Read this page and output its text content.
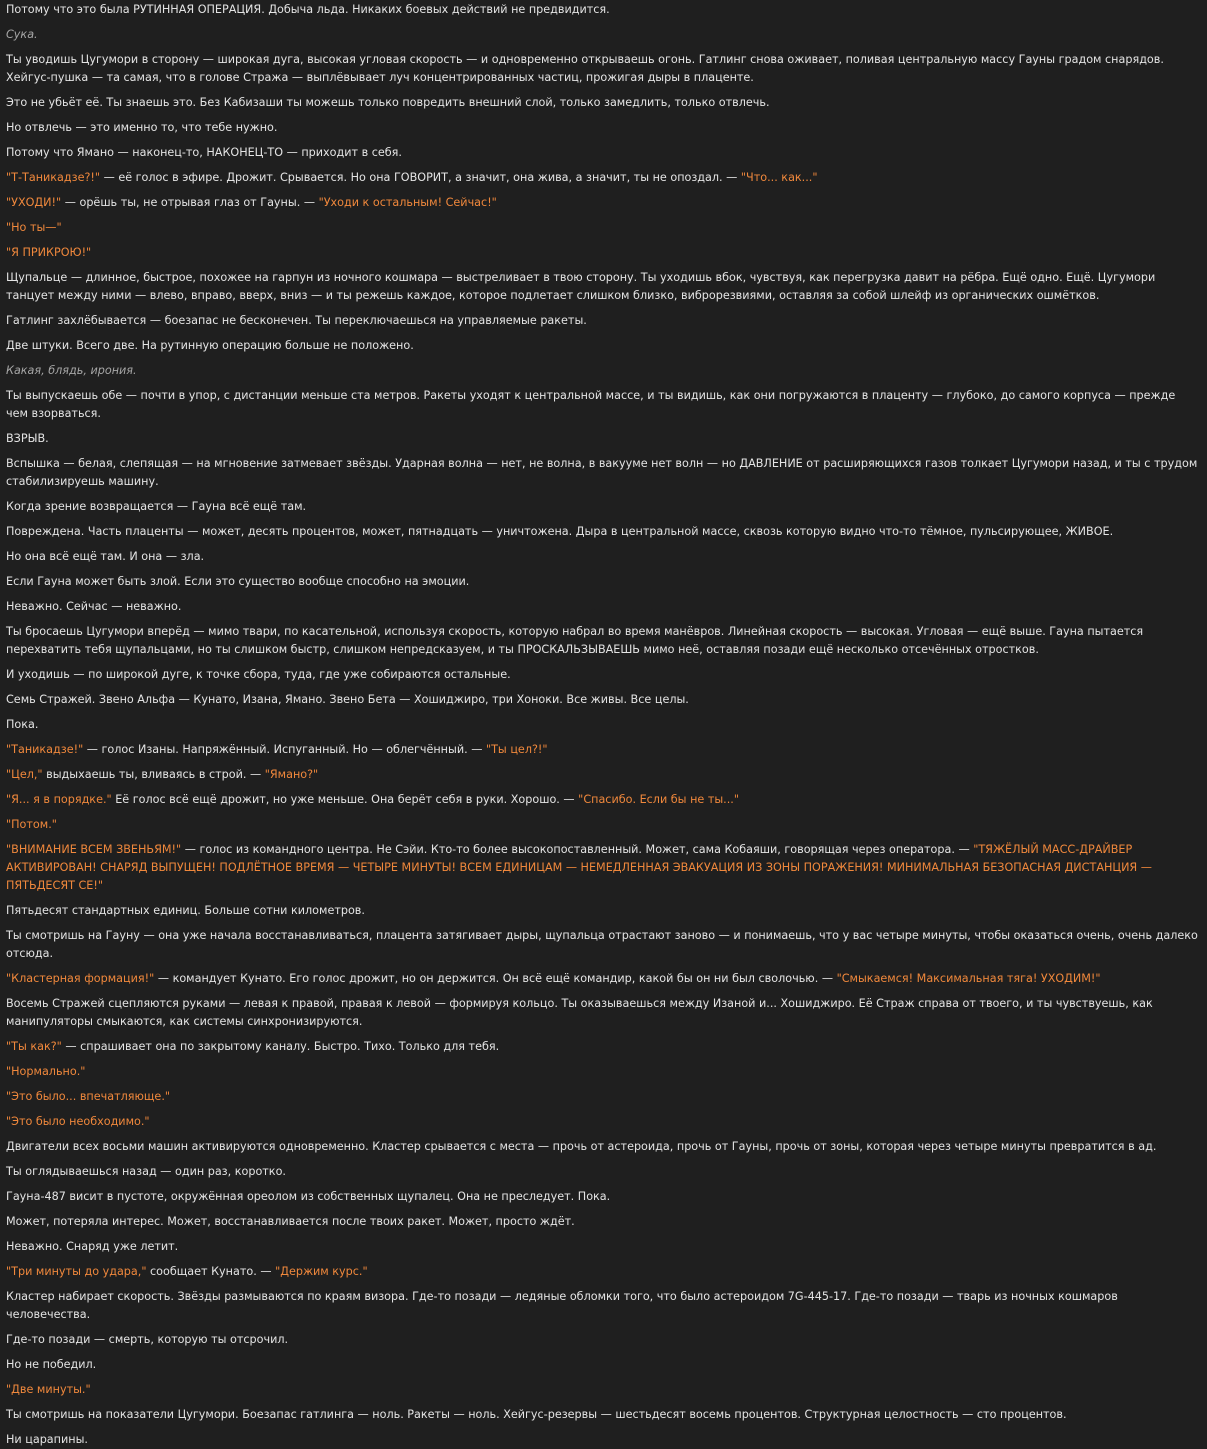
Потому что это была РУТИННАЯ ОПЕРАЦИЯ. Добыча льда. Никаких боевых действий не предвидится.
Сука.
Ты уводишь Цугумори в сторону — широкая дуга, высокая угловая скорость — и одновременно открываешь огонь. Гатлинг снова оживает, поливая центральную массу Гауны градом снарядов. Хейгус-пушка — та самая, что в голове Стража — выплёвывает луч концентрированных частиц, прожигая дыры в плаценте.
Это не убьёт её. Ты знаешь это. Без Кабизаши ты можешь только повредить внешний слой, только замедлить, только отвлечь.
Но отвлечь — это именно то, что тебе нужно.
Потому что Ямано — наконец-то, НАКОНЕЦ-ТО — приходит в себя.
"Т-Таникадзе?!" — её голос в эфире. Дрожит. Срывается. Но она ГОВОРИТ, а значит, она жива, а значит, ты не опоздал. — "Что... как..."
"УХОДИ!" — орёшь ты, не отрывая глаз от Гауны. — "Уходи к остальным! Сейчас!"
"Но ты—"
"Я ПРИКРОЮ!"
Щупальце — длинное, быстрое, похожее на гарпун из ночного кошмара — выстреливает в твою сторону. Ты уходишь вбок, чувствуя, как перегрузка давит на рёбра. Ещё одно. Ещё. Цугумори танцует между ними — влево, вправо, вверх, вниз — и ты режешь каждое, которое подлетает слишком близко, виброрезвиями, оставляя за собой шлейф из органических ошмётков.
Гатлинг захлёбывается — боезапас не бесконечен. Ты переключаешься на управляемые ракеты.
Две штуки. Всего две. На рутинную операцию больше не положено.
Какая, блядь, ирония.
Ты выпускаешь обе — почти в упор, с дистанции меньше ста метров. Ракеты уходят к центральной массе, и ты видишь, как они погружаются в плаценту — глубоко, до самого корпуса — прежде чем взорваться.
ВЗРЫВ.
Вспышка — белая, слепящая — на мгновение затмевает звёзды. Ударная волна — нет, не волна, в вакууме нет волн — но ДАВЛЕНИЕ от расширяющихся газов толкает Цугумори назад, и ты с трудом стабилизируешь машину.
Когда зрение возвращается — Гауна всё ещё там.
Повреждена. Часть плаценты — может, десять процентов, может, пятнадцать — уничтожена. Дыра в центральной массе, сквозь которую видно что-то тёмное, пульсирующее, ЖИВОЕ.
Но она всё ещё там. И она — зла.
Если Гауна может быть злой. Если это существо вообще способно на эмоции.
Неважно. Сейчас — неважно.
Ты бросаешь Цугумори вперёд — мимо твари, по касательной, используя скорость, которую набрал во время манёвров. Линейная скорость — высокая. Угловая — ещё выше. Гауна пытается перехватить тебя щупальцами, но ты слишком быстр, слишком непредсказуем, и ты ПРОСКАЛЬЗЫВАЕШЬ мимо неё, оставляя позади ещё несколько отсечённых отростков.
И уходишь — по широкой дуге, к точке сбора, туда, где уже собираются остальные.
Семь Стражей. Звено Альфа — Кунато, Изана, Ямано. Звено Бета — Хошиджиро, три Хоноки. Все живы. Все целы.
Пока.
"Таникадзе!" — голос Изаны. Напряжённый. Испуганный. Но — облегчённый. — "Ты цел?!"
"Цел," выдыхаешь ты, вливаясь в строй. — "Ямано?"
"Я... я в порядке." Её голос всё ещё дрожит, но уже меньше. Она берёт себя в руки. Хорошо. — "Спасибо. Если бы не ты..."
"Потом."
"ВНИМАНИЕ ВСЕМ ЗВЕНЬЯМ!" — голос из командного центра. Не Сэйи. Кто-то более высокопоставленный. Может, сама Кобаяши, говорящая через оператора. — "ТЯЖЁЛЫЙ МАСС-ДРАЙВЕР АКТИВИРОВАН! СНАРЯД ВЫПУЩЕН! ПОДЛЁТНОЕ ВРЕМЯ — ЧЕТЫРЕ МИНУТЫ! ВСЕМ ЕДИНИЦАМ — НЕМЕДЛЕННАЯ ЭВАКУАЦИЯ ИЗ ЗОНЫ ПОРАЖЕНИЯ! МИНИМАЛЬНАЯ БЕЗОПАСНАЯ ДИСТАНЦИЯ — ПЯТЬДЕСЯТ СЕ!"
Пятьдесят стандартных единиц. Больше сотни километров.
Ты смотришь на Гауну — она уже начала восстанавливаться, плацента затягивает дыры, щупальца отрастают заново — и понимаешь, что у вас четыре минуты, чтобы оказаться очень, очень далеко отсюда.
"Кластерная формация!" — командует Кунато. Его голос дрожит, но он держится. Он всё ещё командир, какой бы он ни был сволочью. — "Смыкаемся! Максимальная тяга! УХОДИМ!"
Восемь Стражей сцепляются руками — левая к правой, правая к левой — формируя кольцо. Ты оказываешься между Изаной и... Хошиджиро. Её Страж справа от твоего, и ты чувствуешь, как манипуляторы смыкаются, как системы синхронизируются.
"Ты как?" — спрашивает она по закрытому каналу. Быстро. Тихо. Только для тебя.
"Нормально."
"Это было... впечатляюще."
"Это было необходимо."
Двигатели всех восьми машин активируются одновременно. Кластер срывается с места — прочь от астероида, прочь от Гауны, прочь от зоны, которая через четыре минуты превратится в ад.
Ты оглядываешься назад — один раз, коротко.
Гауна-487 висит в пустоте, окружённая ореолом из собственных щупалец. Она не преследует. Пока.
Может, потеряла интерес. Может, восстанавливается после твоих ракет. Может, просто ждёт.
Неважно. Снаряд уже летит.
"Три минуты до удара," сообщает Кунато. — "Держим курс."
Кластер набирает скорость. Звёзды размываются по краям визора. Где-то позади — ледяные обломки того, что было астероидом 7G-445-17. Где-то позади — тварь из ночных кошмаров человечества.
Где-то позади — смерть, которую ты отсрочил.
Но не победил.
"Две минуты."
Ты смотришь на показатели Цугумори. Боезапас гатлинга — ноль. Ракеты — ноль. Хейгус-резервы — шестьдесят восемь процентов. Структурная целостность — сто процентов.
Ни царапины.
